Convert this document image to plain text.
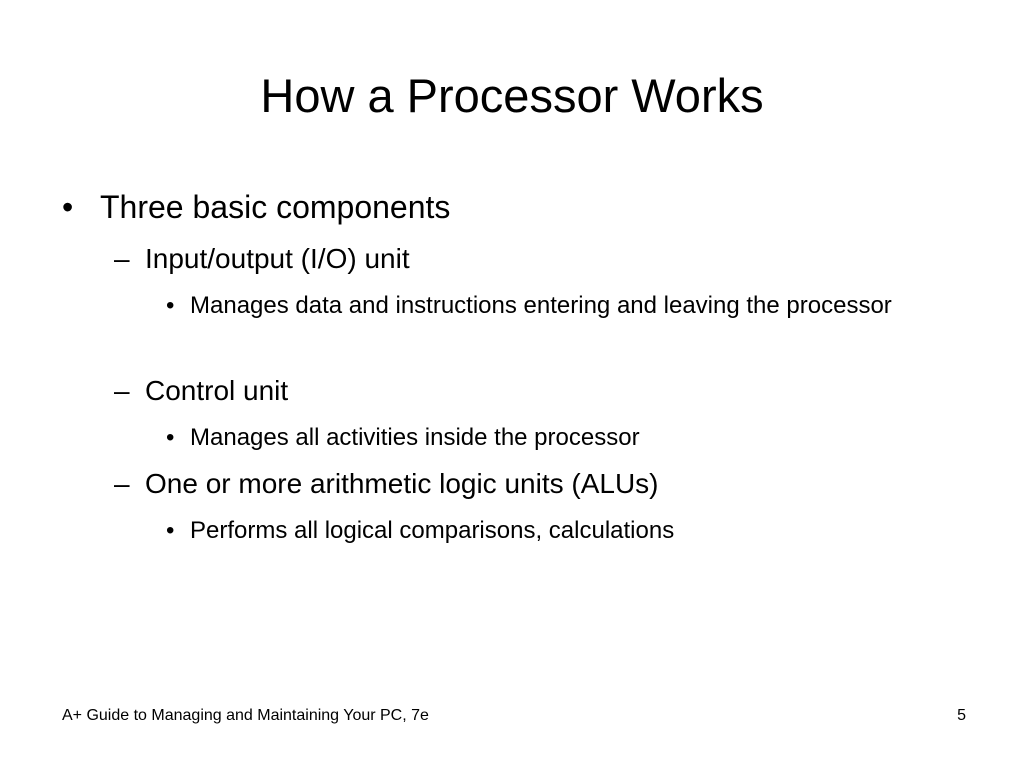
How a Processor Works
• Three basic components
– Input/output (I/O) unit
• Manages data and instructions entering and leaving the processor
– Control unit
• Manages all activities inside the processor
– One or more arithmetic logic units (ALUs)
• Performs all logical comparisons, calculations
A+ Guide to Managing and Maintaining Your PC, 7e	5
